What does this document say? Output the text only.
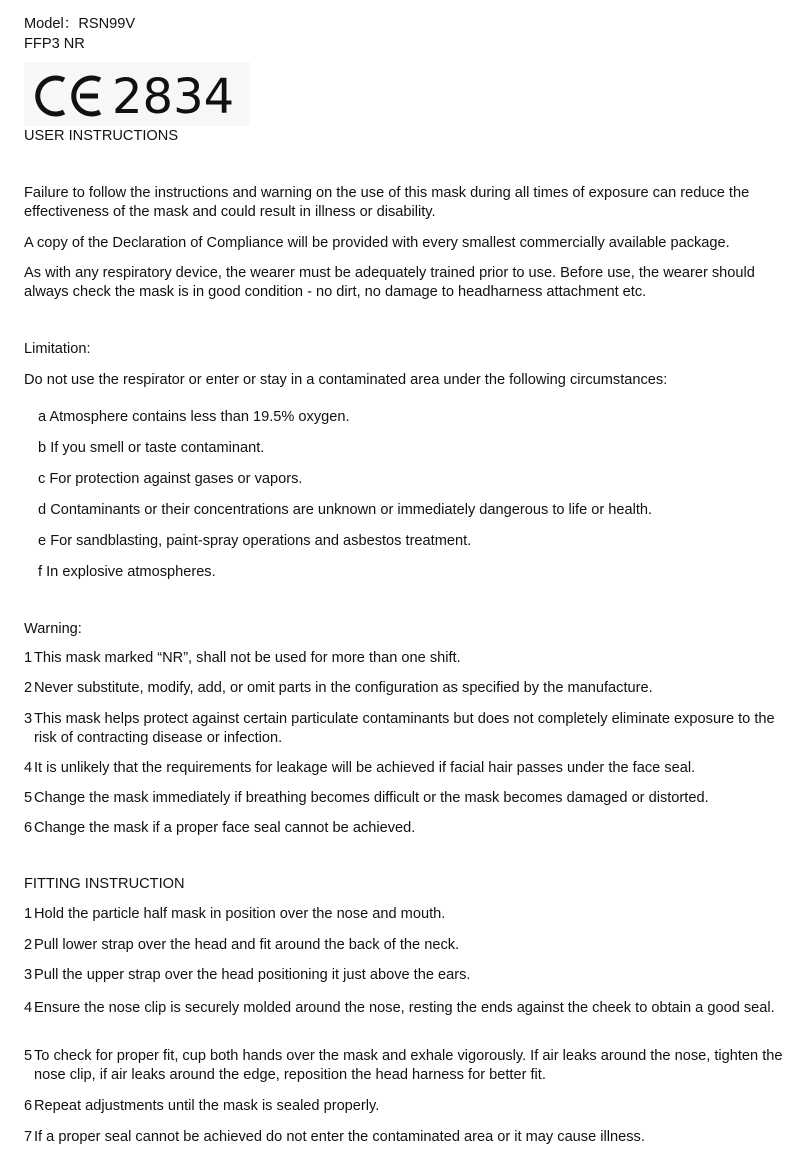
Model：RSN99V
FFP3 NR
2834
USER INSTRUCTIONS
Failure to follow the instructions and warning on the use of this mask during all times of exposure can reduce the effectiveness of the mask and could result in illness or disability.
A copy of the Declaration of Compliance will be provided with every smallest commercially available package.
As with any respiratory device, the wearer must be adequately trained prior to use. Before use, the wearer should always check the mask is in good condition - no dirt, no damage to headharness attachment etc.
Limitation:
Do not use the respirator or enter or stay in a contaminated area under the following circumstances:
a Atmosphere contains less than 19.5% oxygen.
b If you smell or taste contaminant.
c For protection against gases or vapors.
d Contaminants or their concentrations are unknown or immediately dangerous to life or health.
e For sandblasting, paint-spray operations and asbestos treatment.
f In explosive atmospheres.
Warning:
1 This mask marked “NR”, shall not be used for more than one shift.
2 Never substitute, modify, add, or omit parts in the configuration as specified by the manufacture.
3 This mask helps protect against certain particulate contaminants but does not completely eliminate exposure to the risk of contracting disease or infection.
4 It is unlikely that the requirements for leakage will be achieved if facial hair passes under the face seal.
5 Change the mask immediately if breathing becomes difficult or the mask becomes damaged or distorted.
6 Change the mask if a proper face seal cannot be achieved.
FITTING INSTRUCTION
1 Hold the particle half mask in position over the nose and mouth.
2 Pull lower strap over the head and fit around the back of the neck.
3 Pull the upper strap over the head positioning it just above the ears.
4 Ensure the nose clip is securely molded around the nose, resting the ends against the cheek to obtain a good seal.
5 To check for proper fit, cup both hands over the mask and exhale vigorously. If air leaks around the nose, tighten the nose clip, if air leaks around the edge, reposition the head harness for better fit.
6 Repeat adjustments until the mask is sealed properly.
7 If a proper seal cannot be achieved do not enter the contaminated area or it may cause illness.
